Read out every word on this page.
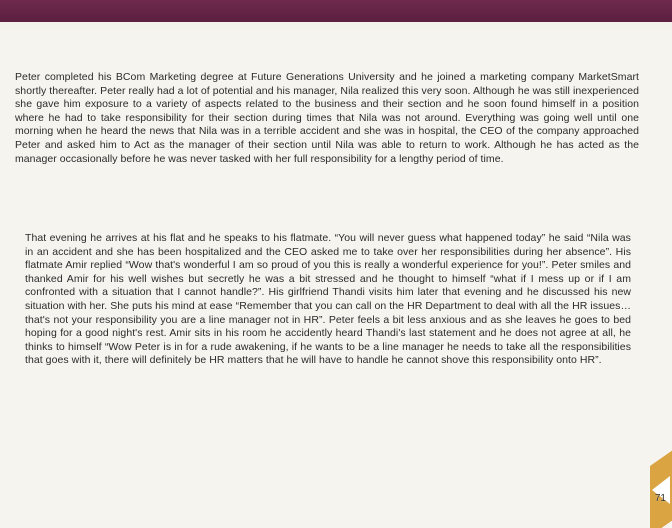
Peter completed his BCom Marketing degree at Future Generations University and he joined a marketing company MarketSmart shortly thereafter. Peter really had a lot of potential and his manager, Nila realized this very soon. Although he was still inexperienced she gave him exposure to a variety of aspects related to the business and their section and he soon found himself in a position where he had to take responsibility for their section during times that Nila was not around. Everything was going well until one morning when he heard the news that Nila was in a terrible accident and she was in hospital, the CEO of the company approached Peter and asked him to Act as the manager of their section until Nila was able to return to work. Although he has acted as the manager occasionally before he was never tasked with her full responsibility for a lengthy period of time.

That evening he arrives at his flat and he speaks to his flatmate. “You will never guess what happened today” he said “Nila was in an accident and she has been hospitalized and the CEO asked me to take over her responsibilities during her absence”. His flatmate Amir replied “Wow that's wonderful I am so proud of you this is really a wonderful experience for you!”. Peter smiles and thanked Amir for his well wishes but secretly he was a bit stressed and he thought to himself “what if I mess up or if I am confronted with a situation that I cannot handle?”. His girlfriend Thandi visits him later that evening and he discussed his new situation with her. She puts his mind at ease “Remember that you can call on the HR Department to deal with all the HR issues…that's not your responsibility you are a line manager not in HR”. Peter feels a bit less anxious and as she leaves he goes to bed hoping for a good night's rest. Amir sits in his room he accidently heard Thandi's last statement and he does not agree at all, he thinks to himself “Wow Peter is in for a rude awakening, if he wants to be a line manager he needs to take all the responsibilities that goes with it, there will definitely be HR matters that he will have to handle he cannot shove this responsibility onto HR”.

71
